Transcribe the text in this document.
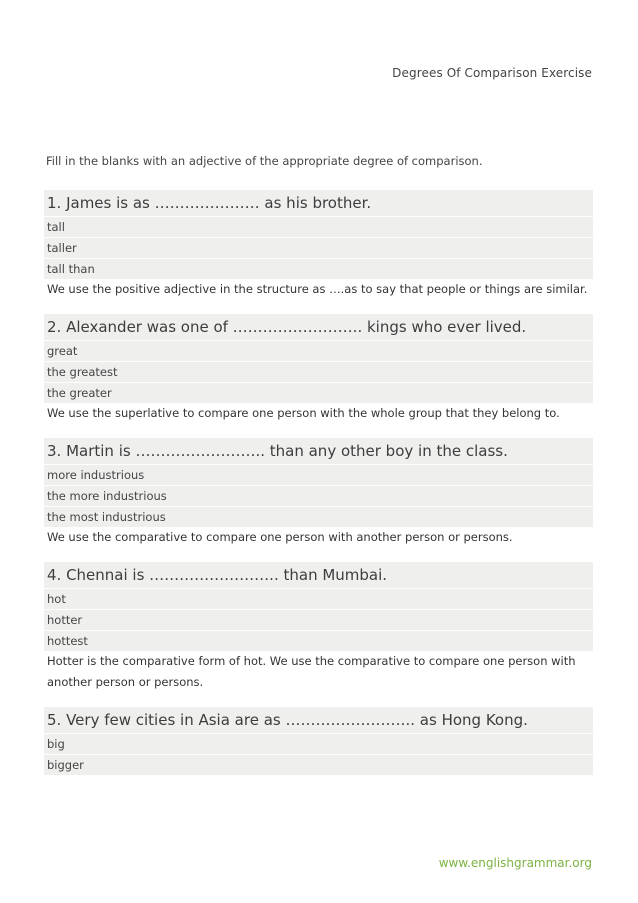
Degrees Of Comparison Exercise
Fill in the blanks with an adjective of the appropriate degree of comparison.
1. James is as ………………… as his brother.
tall
taller
tall than
We use the positive adjective in the structure as ….as to say that people or things are similar.
2. Alexander was one of …………………….. kings who ever lived.
great
the greatest
the greater
We use the superlative to compare one person with the whole group that they belong to.
3. Martin is …………………….. than any other boy in the class.
more industrious
the more industrious
the most industrious
We use the comparative to compare one person with another person or persons.
4. Chennai is …………………….. than Mumbai.
hot
hotter
hottest
Hotter is the comparative form of hot. We use the comparative to compare one person with another person or persons.
5. Very few cities in Asia are as …………………….. as Hong Kong.
big
bigger
www.englishgrammar.org
